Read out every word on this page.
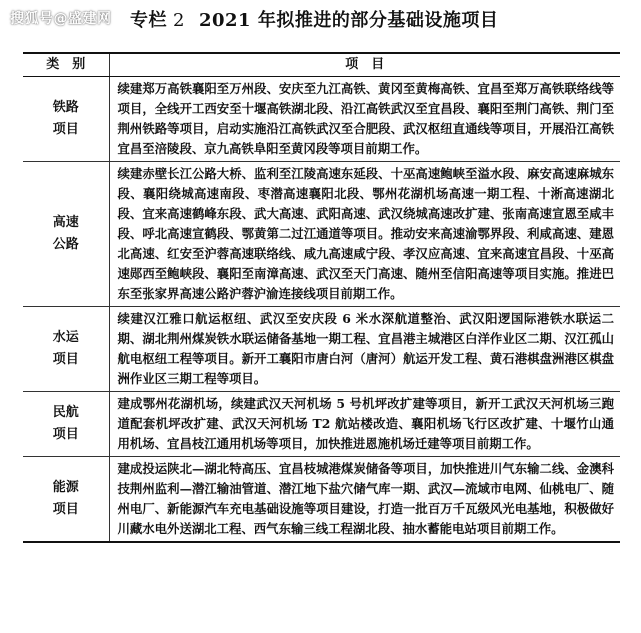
搜狐号@盛建网 专栏 2 2021 年拟推进的部分基础设施项目
类　别	项　目
铁路
项目	续建郑万高铁襄阳至万州段、安庆至九江高铁、黄冈至黄梅高铁、宜昌至郑万高铁联络线等项目，全线开工西安至十堰高铁湖北段、沿江高铁武汉至宜昌段、襄阳至荆门高铁、荆门至荆州铁路等项目，启动实施沿江高铁武汉至合肥段、武汉枢纽直通线等项目，开展沿江高铁宜昌至涪陵段、京九高铁阜阳至黄冈段等项目前期工作。
高速
公路	续建赤壁长江公路大桥、监利至江陵高速东延段、十巫高速鲍峡至溢水段、麻安高速麻城东段、襄阳绕城高速南段、枣潜高速襄阳北段、鄂州花湖机场高速一期工程、十淅高速湖北段、宜来高速鹤峰东段、武大高速、武阳高速、武汉绕城高速改扩建、张南高速宣恩至咸丰段、呼北高速宣鹤段、鄂黄第二过江通道等项目。推动安来高速渝鄂界段、利咸高速、建恩北高速、红安至沪蓉高速联络线、咸九高速咸宁段、孝汉应高速、宜来高速宜昌段、十巫高速郧西至鲍峡段、襄阳至南漳高速、武汉至天门高速、随州至信阳高速等项目实施。推进巴东至张家界高速公路沪蓉沪渝连接线项目前期工作。
水运
项目	续建汉江雅口航运枢纽、武汉至安庆段 6 米水深航道整治、武汉阳逻国际港铁水联运二期、湖北荆州煤炭铁水联运储备基地一期工程、宜昌港主城港区白洋作业区二期、汉江孤山航电枢纽工程等项目。新开工襄阳市唐白河（唐河）航运开发工程、黄石港棋盘洲港区棋盘洲作业区三期工程等项目。
民航
项目	建成鄂州花湖机场，续建武汉天河机场 5 号机坪改扩建等项目，新开工武汉天河机场三跑道配套机坪改扩建、武汉天河机场 T2 航站楼改造、襄阳机场飞行区改扩建、十堰竹山通用机场、宜昌枝江通用机场等项目，加快推进恩施机场迁建等项目前期工作。
能源
项目	建成投运陕北—湖北特高压、宜昌枝城港煤炭储备等项目，加快推进川气东输二线、金澳科技荆州监利—潜江输油管道、潜江地下盐穴储气库一期、武汉—流域市电网、仙桃电厂、随州电厂、新能源汽车充电基础设施等项目建设，打造一批百万千瓦级风光电基地，积极做好川藏水电外送湖北工程、西气东输三线工程湖北段、抽水蓄能电站项目前期工作。
